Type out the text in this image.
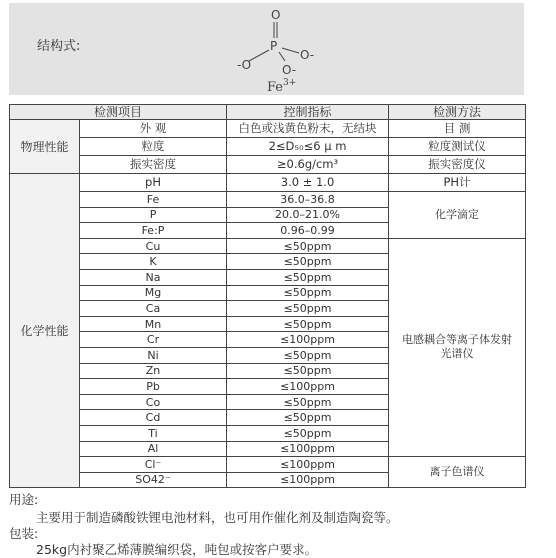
结构式:
O
P
-O
O-
O-
$Fe^{3+}$
检测项目		控制指标	检测方法
物理性能	外 观	白色或浅黄色粉末，无结块	目 测
	粒度	2≤D₅₀≤6 μ m	粒度测试仪
	振实密度	≥0.6g/cm³	振实密度仪
化学性能	pH	3.0 ± 1.0	PH计
	Fe	36.0–36.8	化学滴定
	P	20.0–21.0%	
	Fe:P	0.96–0.99	
	Cu	≤50ppm	电感耦合等离子体发射光谱仪
	K	≤50ppm	
	Na	≤50ppm	
	Mg	≤50ppm	
	Ca	≤50ppm	
	Mn	≤50ppm	
	Cr	≤100ppm	
	Ni	≤50ppm	
	Zn	≤50ppm	
	Pb	≤100ppm	
	Co	≤50ppm	
	Cd	≤50ppm	
	Ti	≤50ppm	
	Al	≤100ppm	
	Cl⁻	≤100ppm	离子色谱仪
	SO42⁻	≤100ppm	
用途:
主要用于制造磷酸铁锂电池材料，也可用作催化剂及制造陶瓷等。
包装:
25kg内衬聚乙烯薄膜编织袋，吨包或按客户要求。
